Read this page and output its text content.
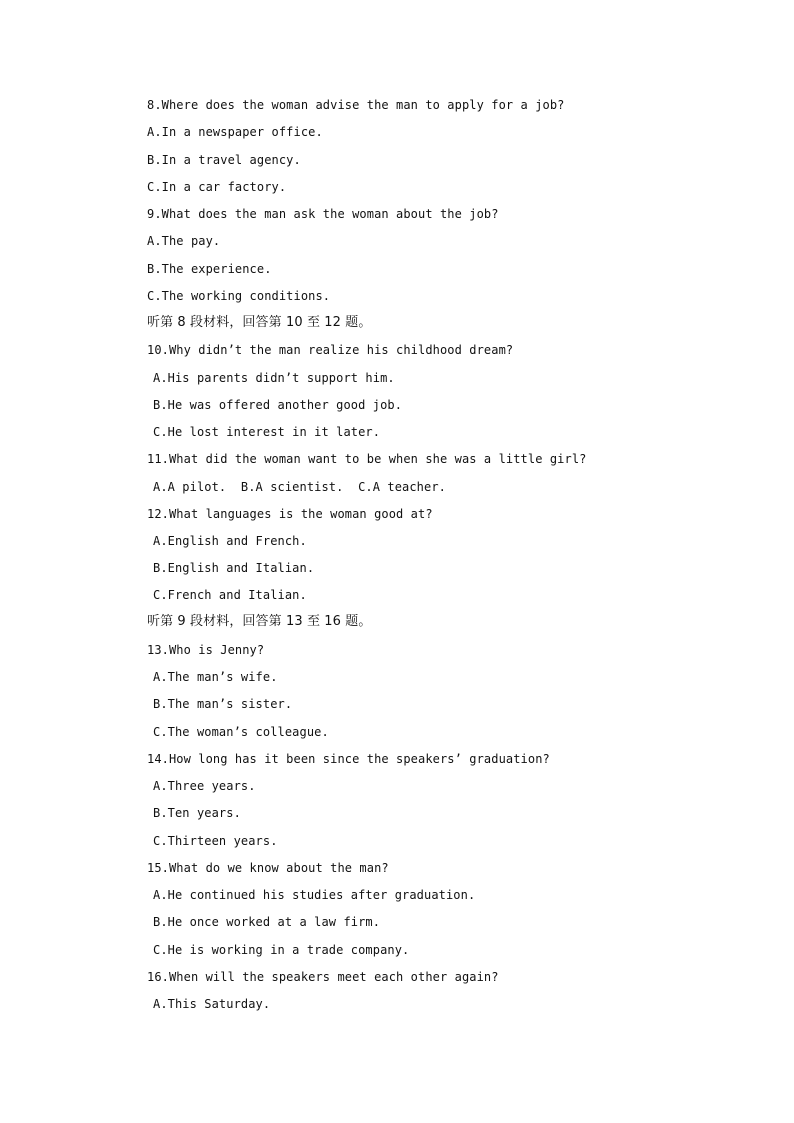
8.Where does the woman advise the man to apply for a job?
A.In a newspaper office.
B.In a travel agency.
C.In a car factory.
9.What does the man ask the woman about the job?
A.The pay.
B.The experience.
C.The working conditions.
听第 8 段材料，回答第 10 至 12 题。
10.Why didn’t the man realize his childhood dream?
A.His parents didn’t support him.
B.He was offered another good job.
C.He lost interest in it later.
11.What did the woman want to be when she was a little girl?
A.A pilot.  B.A scientist.  C.A teacher.
12.What languages is the woman good at?
A.English and French.
B.English and Italian.
C.French and Italian.
听第 9 段材料，回答第 13 至 16 题。
13.Who is Jenny?
A.The man’s wife.
B.The man’s sister.
C.The woman’s colleague.
14.How long has it been since the speakers’ graduation?
A.Three years.
B.Ten years.
C.Thirteen years.
15.What do we know about the man?
A.He continued his studies after graduation.
B.He once worked at a law firm.
C.He is working in a trade company.
16.When will the speakers meet each other again?
A.This Saturday.
